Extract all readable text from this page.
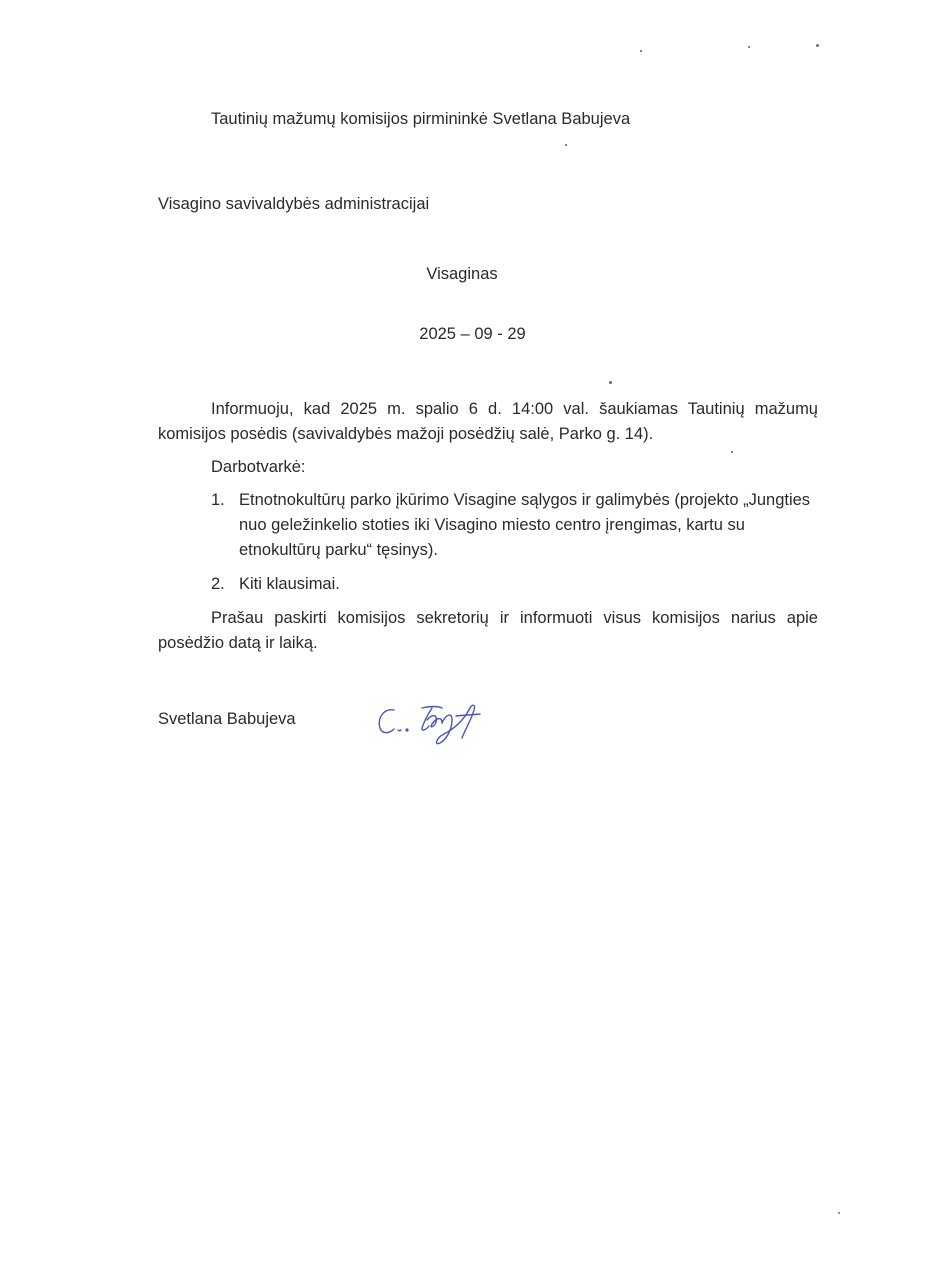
Tautinių mažumų komisijos pirmininkė Svetlana Babujeva
Visagino savivaldybės administracijai
Visaginas
2025 – 09 - 29

Informuoju, kad 2025 m. spalio 6 d. 14:00 val. šaukiamas Tautinių mažumų komisijos posėdis (savivaldybės mažoji posėdžių salė, Parko g. 14).

Darbotvarkė:

1. Etnotnokultūrų parko įkūrimo Visagine sąlygos ir galimybės (projekto „Jungties nuo geležinkelio stoties iki Visagino miesto centro įrengimas, kartu su etnokultūrų parku“ tęsinys).
2. Kiti klausimai.

Prašau paskirti komisijos sekretorių ir informuoti visus komisijos narius apie posėdžio datą ir laiką.

Svetlana Babujeva
